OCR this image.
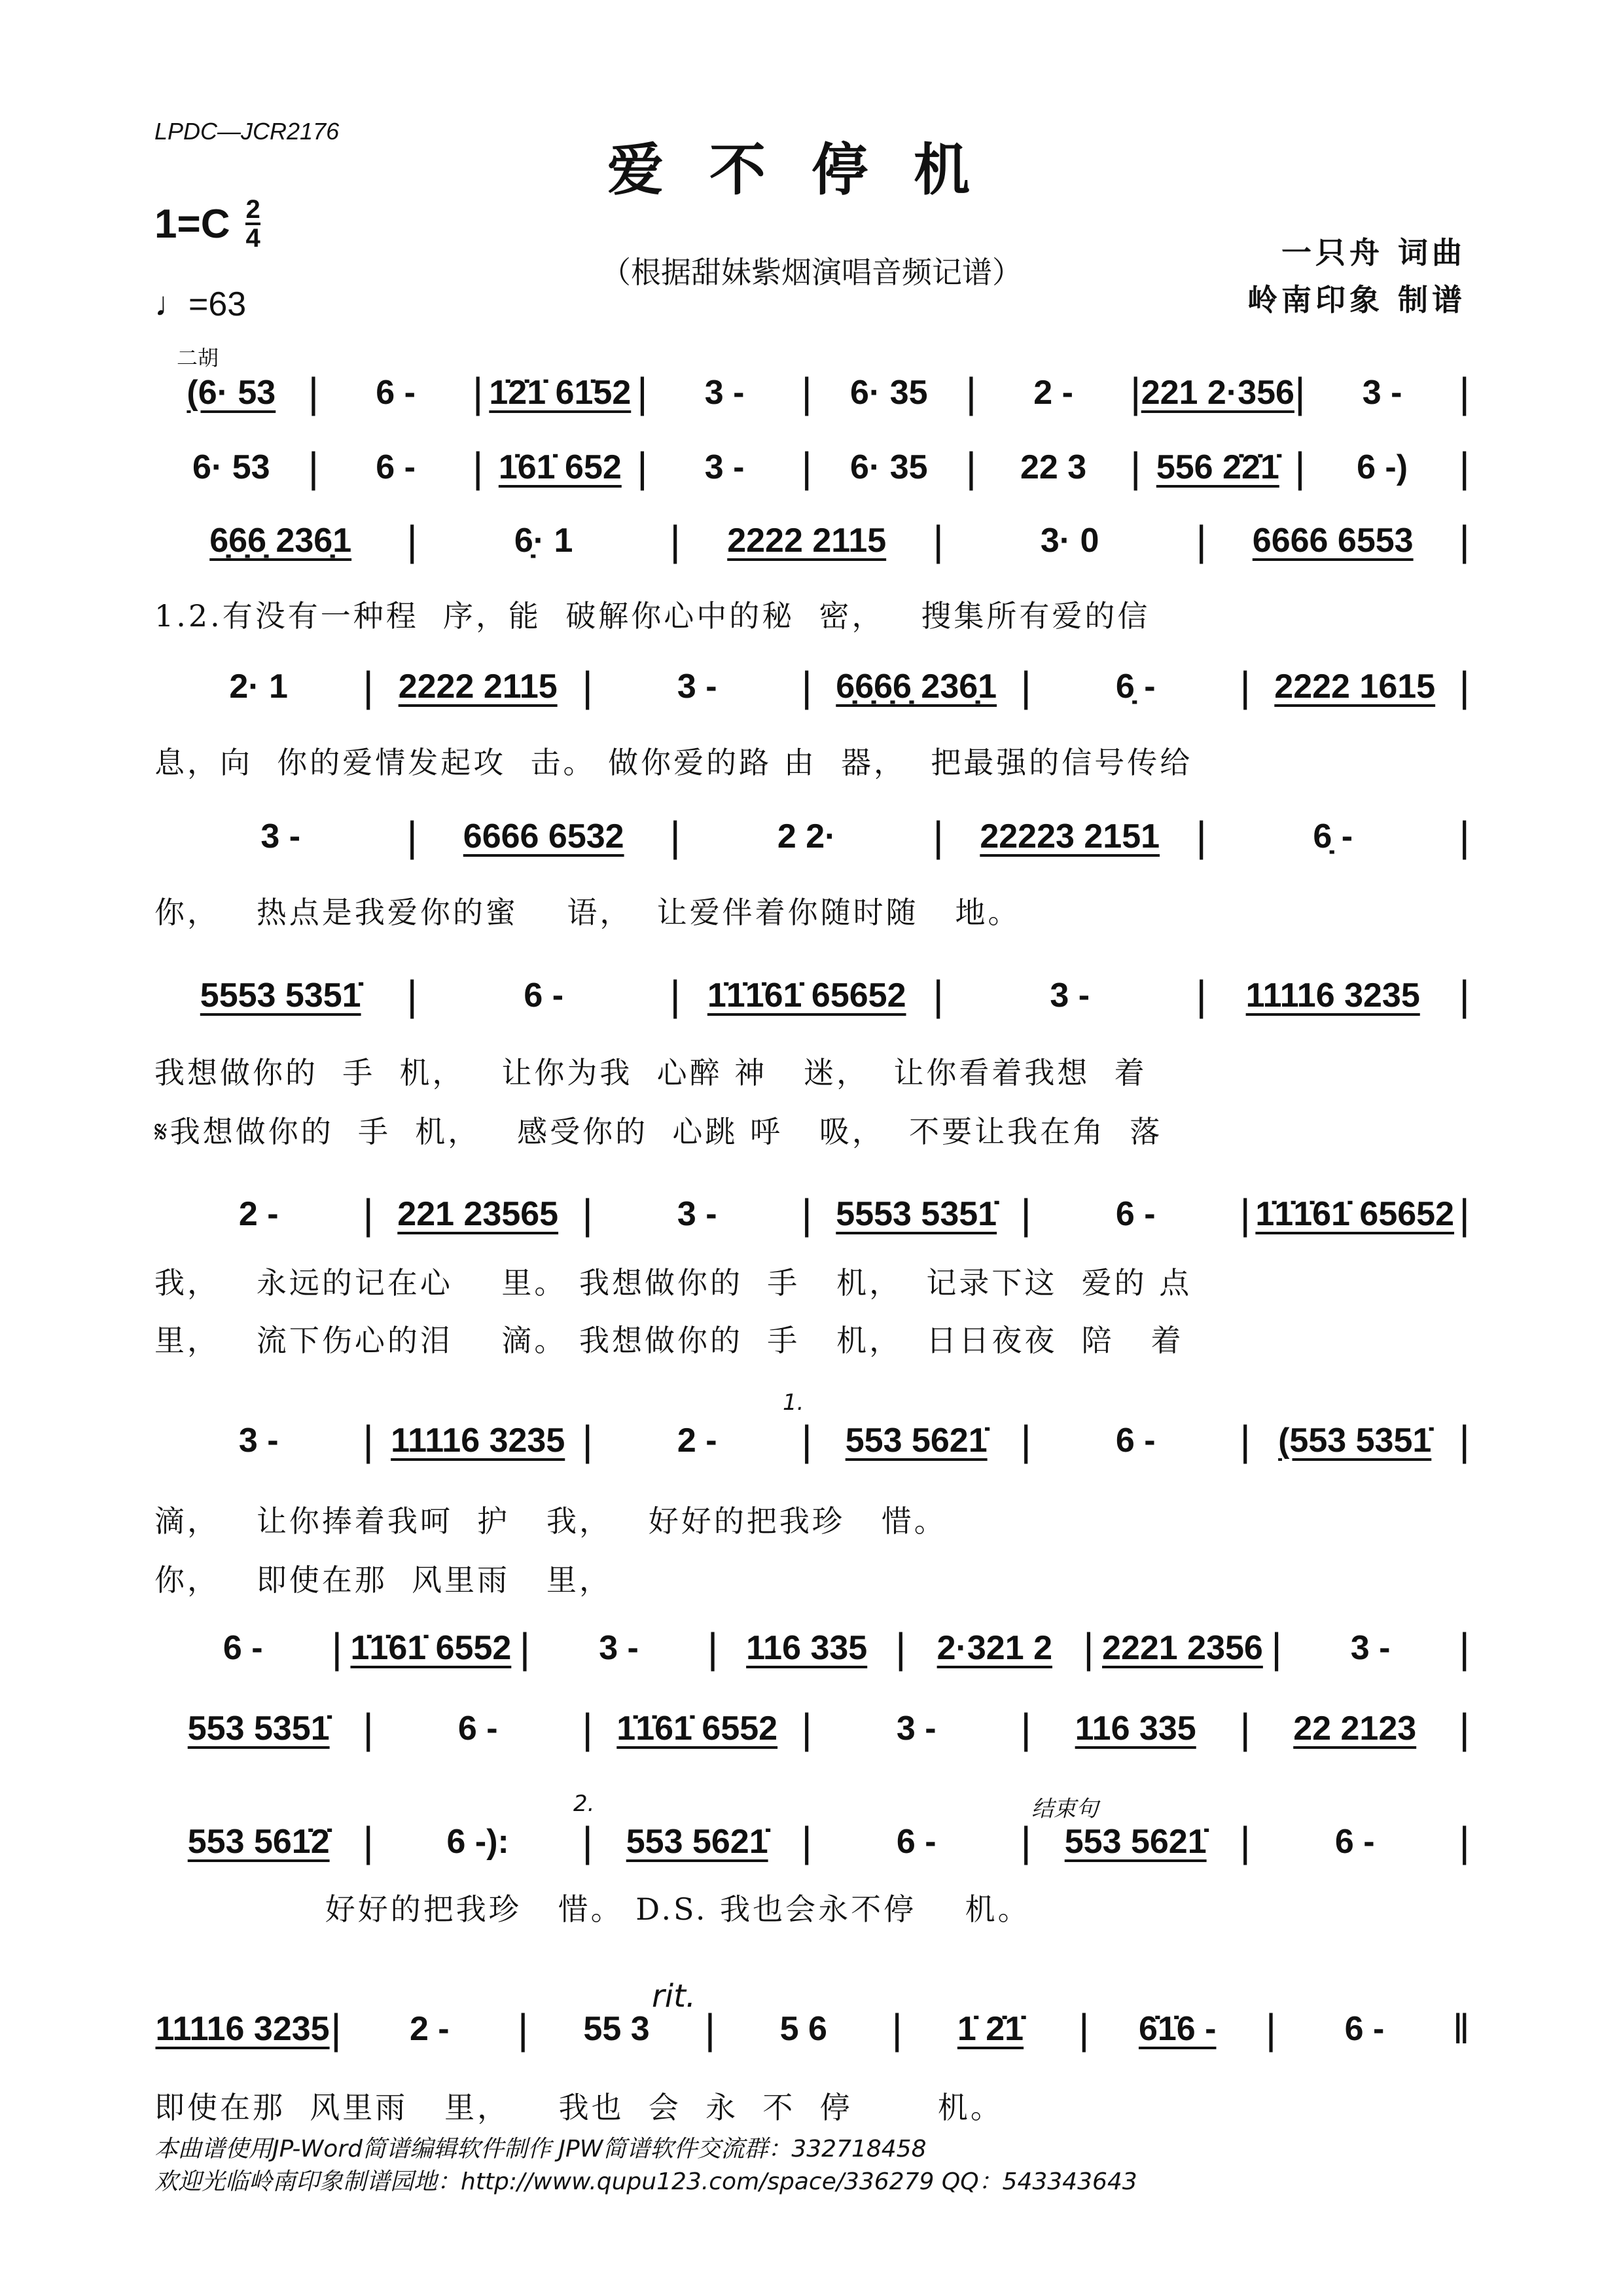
LPDC—JCR2176
爱不停机
$1=C \frac{2}{4}$
♩=63
（根据甜妹紫烟演唱音频记谱）
一只舟 词曲
岭南印象 制谱
二胡
(6· 53 |	6 -	| 1̇2̇1̇ 61̇52 |	3 -	|	6· 35 |	2 -	| 221 2·356 |	3 -	|
6· 53 |	6 -	| 1̇61̇ 652 |	3 -	|	6· 35 |	22 3	| 556 2̇2̇1̇ |	6 -)	|
6̣6̣6̣ 236̣1	|	6̣· 1	|	2222 2115	|	3· 0	|	6666 6553	|
1.2.有没有一种程  序，能  破解你心中的秘  密，   搜集所有爱的信
2· 1	| 2222 2115 |	3 -	| 6̣6̣6̣6̣ 236̣1 |	6̣ -	| 2222 1615 |
息，向  你的爱情发起攻  击。 做你爱的路 由  器，  把最强的信号传给
3 -	|	6666 6532	|	2 2·	|	22223 2151 |	6̣ -	|
你，   热点是我爱你的蜜    语，  让爱伴着你随时随   地。
5553 5351̇	|	6 -	| 1̇1̇1̇61̇ 65652 |	3 -	|	11116 3235 |
我想做你的  手  机，   让你为我  心醉 神   迷，  让你看着我想  着
𝄋我想做你的  手  机，   感受你的  心跳 呼   吸，  不要让我在角  落
2 -	| 221 23565 |	3 -	| 5553 5351̇ |	6 -	| 1̇1̇1̇61̇ 65652 |
我，   永远的记在心    里。 我想做你的  手   机，  记录下这  爱的 点
里，   流下伤心的泪    滴。 我想做你的  手   机，  日日夜夜  陪   着
3 -	| 11116 3235 |	2 -	| 553 5621̇ |	6 -	| (553 5351̇ |
1.
滴，   让你捧着我呵  护   我，   好好的把我珍   惜。
你，   即使在那  风里雨   里，
6 -	| 1̇1̇61̇ 6552 |	3 -	| 116 335 | 2·321 2 | 2221 2356 |	3 -	|
553 5351̇ |	6 -	| 1̇1̇61̇ 6552 |	3 -	|	116 335	|	22 2123	|
553 561̇2̇ |	6 -):	| 553 5621̇ |	6 -	| 553 5621̇ |	6 -	|
2.	结束句
好好的把我珍   惜。 D.S. 我也会永不停    机。
11116 3235 |	2 -	|	55 3	|	5 6	|	1̇ 2̇1̇	|	6̇1̇6 -	|	6 -	‖
rit.
即使在那  风里雨   里，    我也  会  永  不  停       机。
本曲谱使用JP-Word简谱编辑软件制作 JPW简谱软件交流群：332718458
欢迎光临岭南印象制谱园地：http://www.qupu123.com/space/336279 QQ：543343643
